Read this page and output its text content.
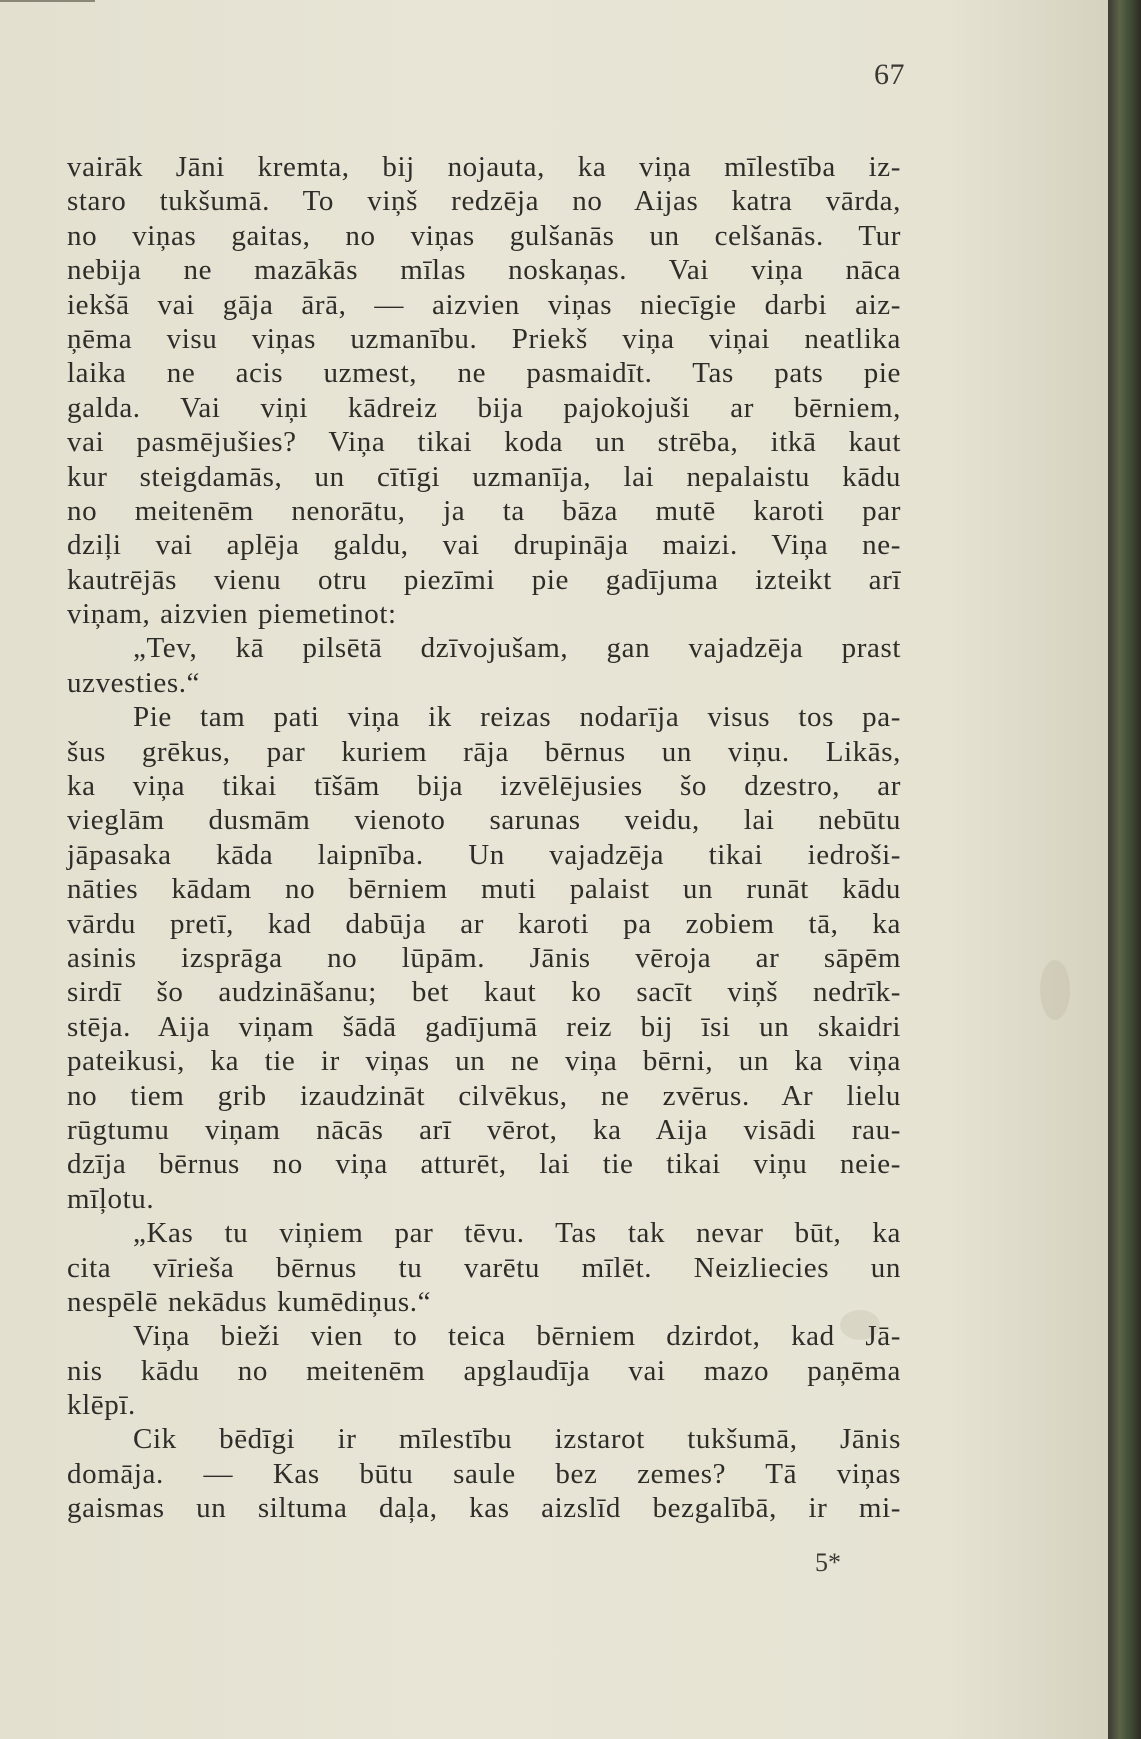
67
vairāk Jāni kremta, bij nojauta, ka viņa mīlestība iz-
staro tukšumā. To viņš redzēja no Aijas katra vārda,
no viņas gaitas, no viņas gulšanās un celšanās. Tur
nebija ne mazākās mīlas noskaņas. Vai viņa nāca
iekšā vai gāja ārā, — aizvien viņas niecīgie darbi aiz-
ņēma visu viņas uzmanību. Priekš viņa viņai neatlika
laika ne acis uzmest, ne pasmaidīt. Tas pats pie
galda. Vai viņi kādreiz bija pajokojuši ar bērniem,
vai pasmējušies? Viņa tikai koda un strēba, itkā kaut
kur steigdamās, un cītīgi uzmanīja, lai nepalaistu kādu
no meitenēm nenorātu, ja ta bāza mutē karoti par
dziļi vai aplēja galdu, vai drupināja maizi. Viņa ne-
kautrējās vienu otru piezīmi pie gadījuma izteikt arī
viņam, aizvien piemetinot:
„Tev, kā pilsētā dzīvojušam, gan vajadzēja prast
uzvesties.“
Pie tam pati viņa ik reizas nodarīja visus tos pa-
šus grēkus, par kuriem rāja bērnus un viņu. Likās,
ka viņa tikai tīšām bija izvēlējusies šo dzestro, ar
vieglām dusmām vienoto sarunas veidu, lai nebūtu
jāpasaka kāda laipnība. Un vajadzēja tikai iedroši-
nāties kādam no bērniem muti palaist un runāt kādu
vārdu pretī, kad dabūja ar karoti pa zobiem tā, ka
asinis izsprāga no lūpām. Jānis vēroja ar sāpēm
sirdī šo audzināšanu; bet kaut ko sacīt viņš nedrīk-
stēja. Aija viņam šādā gadījumā reiz bij īsi un skaidri
pateikusi, ka tie ir viņas un ne viņa bērni, un ka viņa
no tiem grib izaudzināt cilvēkus, ne zvērus. Ar lielu
rūgtumu viņam nācās arī vērot, ka Aija visādi rau-
dzīja bērnus no viņa atturēt, lai tie tikai viņu neie-
mīļotu.
„Kas tu viņiem par tēvu. Tas tak nevar būt, ka
cita vīrieša bērnus tu varētu mīlēt. Neizliecies un
nespēlē nekādus kumēdiņus.“
Viņa bieži vien to teica bērniem dzirdot, kad Jā-
nis kādu no meitenēm apglaudīja vai mazo paņēma
klēpī.
Cik bēdīgi ir mīlestību izstarot tukšumā, Jānis
domāja. — Kas būtu saule bez zemes? Tā viņas
gaismas un siltuma daļa, kas aizslīd bezgalībā, ir mi-
5*
